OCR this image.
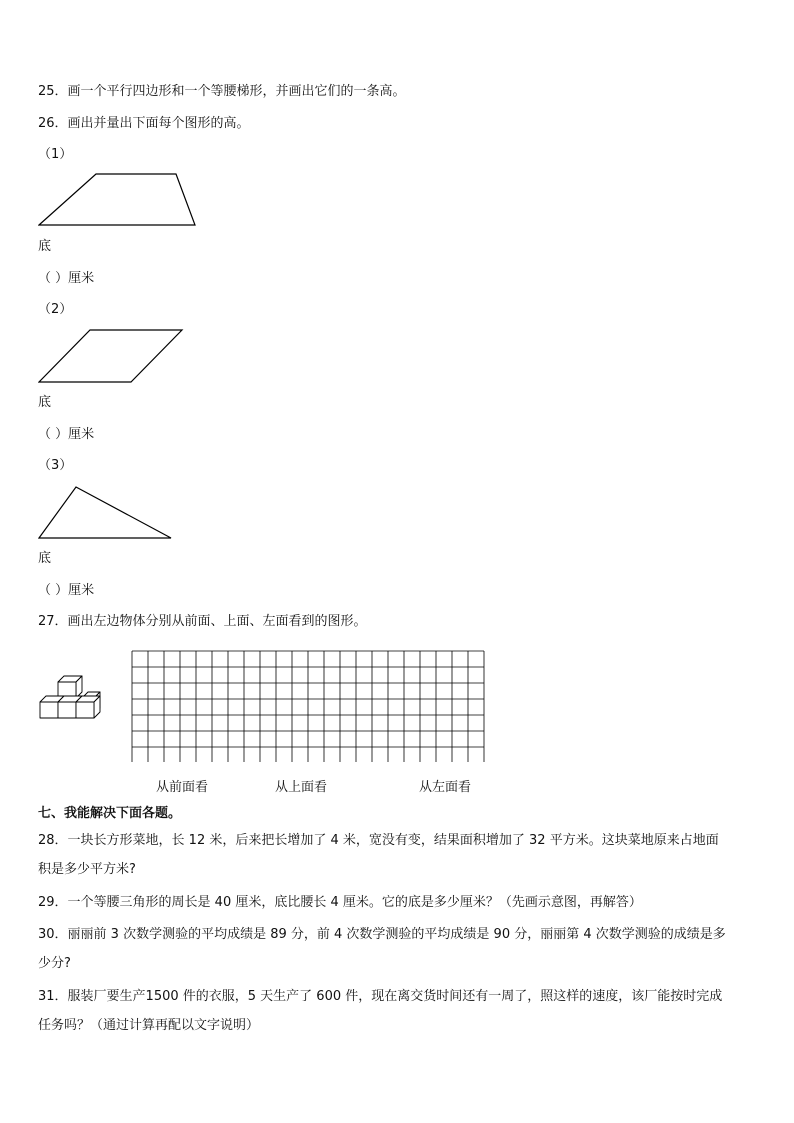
25．画一个平行四边形和一个等腰梯形，并画出它们的一条高。
26．画出并量出下面每个图形的高。
（1）
底
（ ）厘米
（2）
底
（ ）厘米
（3）
底
（ ）厘米
27．画出左边物体分别从前面、上面、左面看到的图形。
从前面看	从上面看	从左面看
七、我能解决下面各题。
28．一块长方形菜地，长 12 米，后来把长增加了 4 米，宽没有变，结果面积增加了 32 平方米。这块菜地原来占地面
积是多少平方米?
29．一个等腰三角形的周长是 40 厘米，底比腰长 4 厘米。它的底是多少厘米？（先画示意图，再解答）
30．丽丽前 3 次数学测验的平均成绩是 89 分，前 4 次数学测验的平均成绩是 90 分，丽丽第 4 次数学测验的成绩是多
少分?
31．服装厂要生产1500 件的衣服，5 天生产了 600 件，现在离交货时间还有一周了，照这样的速度，该厂能按时完成
任务吗？（通过计算再配以文字说明）
